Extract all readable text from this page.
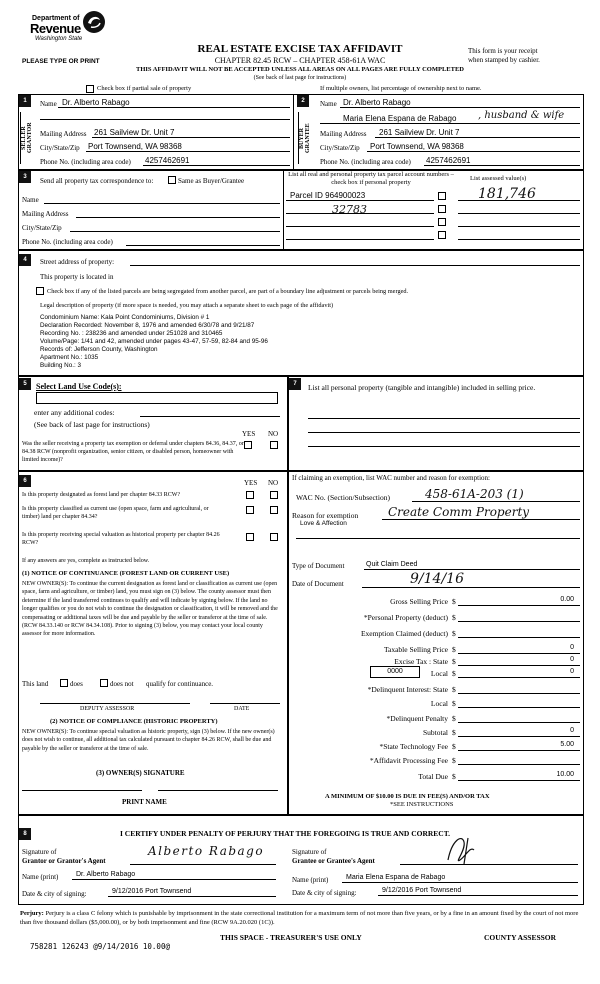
Department of
Revenue
Washington State
PLEASE TYPE OR PRINT
REAL ESTATE EXCISE TAX AFFIDAVIT
CHAPTER 82.45 RCW – CHAPTER 458-61A WAC
This form is your receipt
when stamped by cashier.
THIS AFFIDAVIT WILL NOT BE ACCEPTED UNLESS ALL AREAS ON ALL PAGES ARE FULLY COMPLETED
(See back of last page for instructions)
Check box if partial sale of property	If multiple owners, list percentage of ownership next to name.
1	2
SELLER GRANTOR	BUYER GRANTEE
Name Dr. Alberto Rabago
Mailing Address 261 Sailview Dr. Unit 7
City/State/Zip Port Townsend, WA 98368
Phone No. (including area code) 4257462691
Name Dr. Alberto Rabago
Maria Elena Espana de Rabago , husband & wife
Mailing Address 261 Sailview Dr. Unit 7
City/State/Zip Port Townsend, WA 98368
Phone No. (including area code) 4257462691
3	Send all property tax correspondence to:	Same as Buyer/Grantee
Name
Mailing Address
City/State/Zip
Phone No. (including area code)
List all real and personal property tax parcel account numbers – check box if personal property
List assessed value(s)
Parcel ID 964900023
32783
181,746
4	Street address of property:
This property is located in
Check box if any of the listed parcels are being segregated from another parcel, are part of a boundary line adjustment or parcels being merged.
Legal description of property (if more space is needed, you may attach a separate sheet to each page of the affidavit)
Condominium Name: Kala Point Condominiums, Division # 1
Declaration Recorded: November 8, 1976 and amended 6/30/78 and 9/21/87
Recording No. : 238236 and amended under 251028 and 310465
Volume/Page: 1/41 and 42, amended under pages 43-47, 57-59, 82-84 and 95-96
Records of: Jefferson County, Washington
Apartment No.: 1035
Building No.: 3
5	Select Land Use Code(s):
enter any additional codes:
(See back of last page for instructions)
YES NO
Was the seller receiving a property tax exemption or deferral under chapters 84.36, 84.37, or 84.38 RCW (nonprofit organization, senior citizen, or disabled person, homeowner with limited income)?
6	YES NO
Is this property designated as forest land per chapter 84.33 RCW?
Is this property classified as current use (open space, farm and agricultural, or timber) land per chapter 84.34?
Is this property receiving special valuation as historical property per chapter 84.26 RCW?
If any answers are yes, complete as instructed below.
(1) NOTICE OF CONTINUANCE (FOREST LAND OR CURRENT USE)
NEW OWNER(S): To continue the current designation as forest land or classification as current use (open space, farm and agriculture, or timber) land, you must sign on (3) below. The county assessor must then determine if the land transferred continues to qualify and will indicate by signing below. If the land no longer qualifies or you do not wish to continue the designation or classification, it will be removed and the compensating or additional taxes will be due and payable by the seller or transferor at the time of sale. (RCW 84.33.140 or RCW 84.34.108). Prior to signing (3) below, you may contact your local county assessor for more information.
This land	does	does not qualify for continuance.
DEPUTY ASSESSOR	DATE
(2) NOTICE OF COMPLIANCE (HISTORIC PROPERTY)
NEW OWNER(S): To continue special valuation as historic property, sign (3) below. If the new owner(s) does not wish to continue, all additional tax calculated pursuant to chapter 84.26 RCW, shall be due and payable by the seller or transferor at the time of sale.
(3) OWNER(S) SIGNATURE
PRINT NAME
7	List all personal property (tangible and intangible) included in selling price.
If claiming an exemption, list WAC number and reason for exemption:
WAC No. (Section/Subsection)	458-61A-203 (1)
Reason for exemption Create Comm Property
Love & Affection
Type of Document	Quit Claim Deed
Date of Document	9/14/16
Gross Selling Price $	0.00
*Personal Property (deduct) $
Exemption Claimed (deduct) $
Taxable Selling Price $	0
Excise Tax : State $	0
Local $	0
*Delinquent Interest: State $
Local $
*Delinquent Penalty $
Subtotal $	0
*State Technology Fee $	5.00
*Affidavit Processing Fee $
Total Due $	10.00
0000
A MINIMUM OF $10.00 IS DUE IN FEE(S) AND/OR TAX
*SEE INSTRUCTIONS
8	I CERTIFY UNDER PENALTY OF PERJURY THAT THE FOREGOING IS TRUE AND CORRECT.
Signature of
Grantor or Grantor's Agent
Alberto Rabago	Signature of
Grantee or Grantee's Agent
Name (print)	Dr. Alberto Rabago
Name (print)	Maria Elena Espana de Rabago
Date & city of signing:	9/12/2016 Port Townsend	Date & city of signing:	9/12/2016 Port Townsend
Perjury: Perjury is a class C felony which is punishable by imprisonment in the state correctional institution for a maximum term of not more than five years, or by a fine in an amount fixed by the court of not more than five thousand dollars ($5,000.00), or by both imprisonment and fine (RCW 9A.20.020 (1C)).
758281 126243 @9/14/2016 10.00@
THIS SPACE - TREASURER'S USE ONLY	COUNTY ASSESSOR
